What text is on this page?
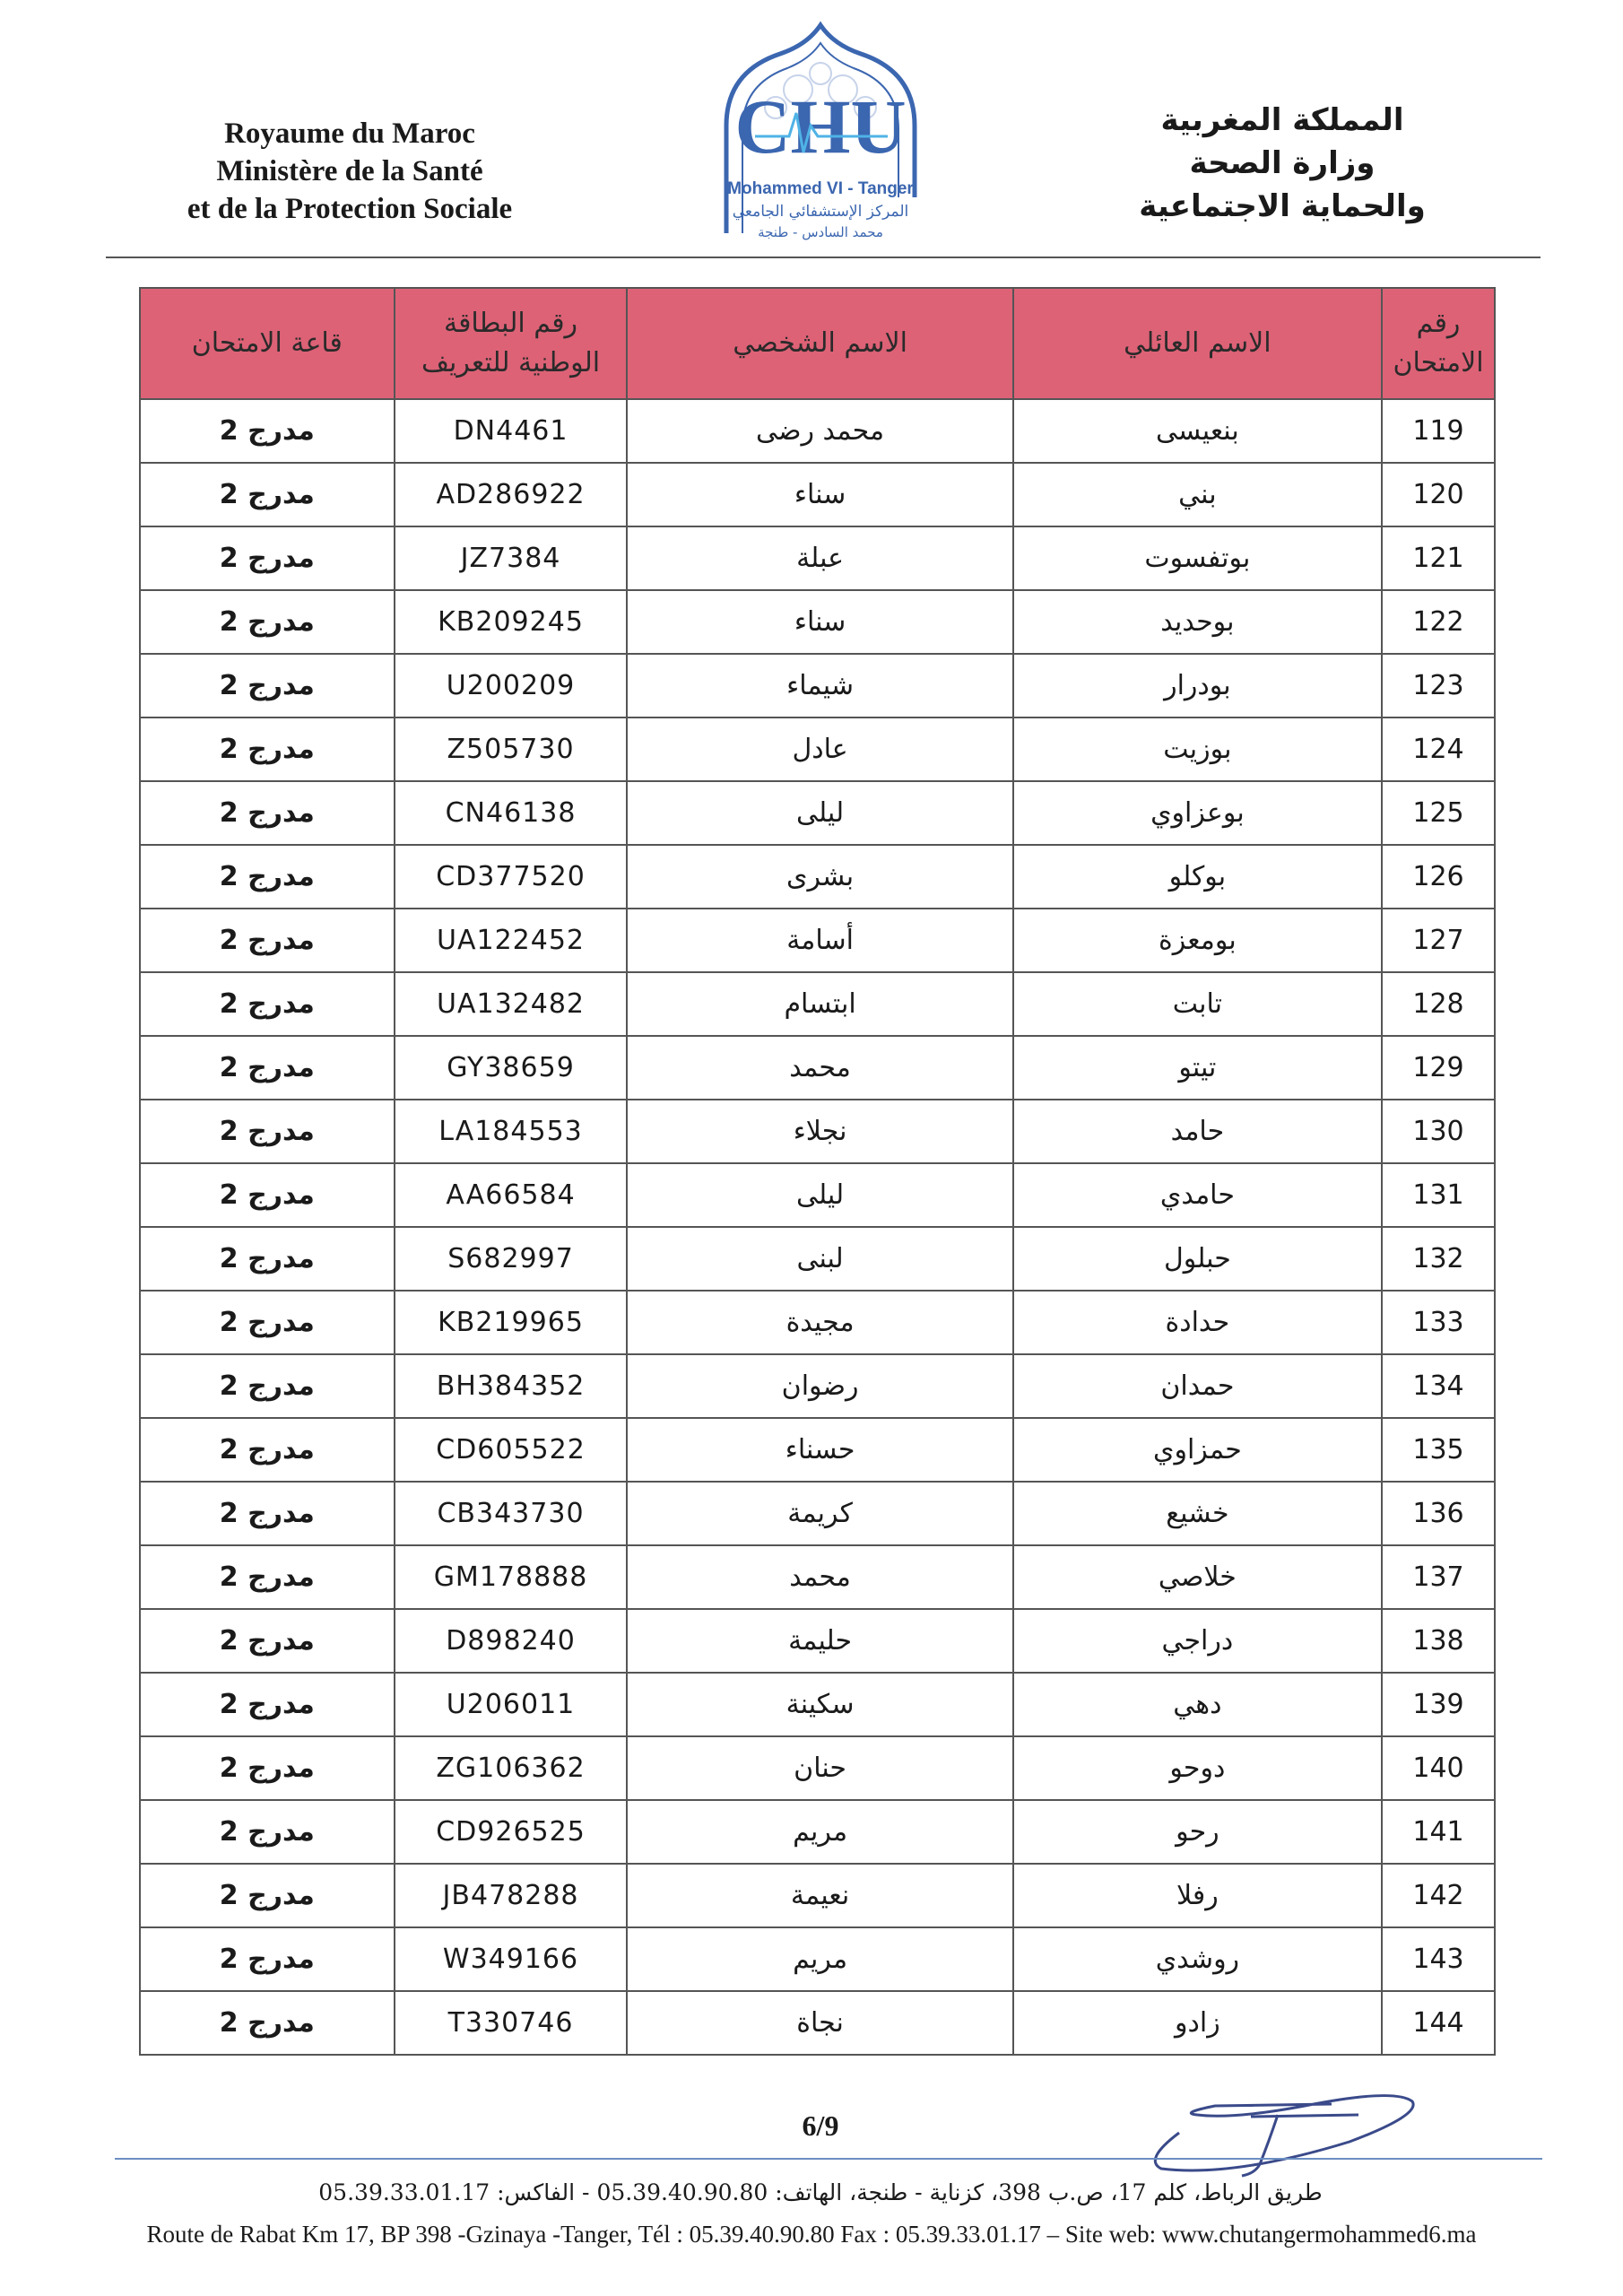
Royaume du Maroc
Ministère de la Santé
et de la Protection Sociale
CHU
Mohammed VI - Tanger
المركز الإستشفائي الجامعي
محمد السادس - طنجة
المملكة المغربية
وزارة الصحة
والحماية الاجتماعية
رقم الامتحان	الاسم العائلي	الاسم الشخصي	رقم البطاقة الوطنية للتعريف	قاعة الامتحان
119	بنعيسى	محمد رضى	DN4461	مدرج 2
120	بني	سناء	AD286922	مدرج 2
121	بوتفسوت	عبلة	JZ7384	مدرج 2
122	بوحديد	سناء	KB209245	مدرج 2
123	بودرار	شيماء	U200209	مدرج 2
124	بوزيت	عادل	Z505730	مدرج 2
125	بوعزاوي	ليلى	CN46138	مدرج 2
126	بوكلو	بشرى	CD377520	مدرج 2
127	بومعزة	أسامة	UA122452	مدرج 2
128	تابت	ابتسام	UA132482	مدرج 2
129	تيتو	محمد	GY38659	مدرج 2
130	حامد	نجلاء	LA184553	مدرج 2
131	حامدي	ليلى	AA66584	مدرج 2
132	حبلول	لبنى	S682997	مدرج 2
133	حدادة	مجيدة	KB219965	مدرج 2
134	حمدان	رضوان	BH384352	مدرج 2
135	حمزاوي	حسناء	CD605522	مدرج 2
136	خشيع	كريمة	CB343730	مدرج 2
137	خلاصي	محمد	GM178888	مدرج 2
138	دراجي	حليمة	D898240	مدرج 2
139	دهي	سكينة	U206011	مدرج 2
140	دوحو	حنان	ZG106362	مدرج 2
141	رحو	مريم	CD926525	مدرج 2
142	رفلا	نعيمة	JB478288	مدرج 2
143	روشدي	مريم	W349166	مدرج 2
144	زادو	نجاة	T330746	مدرج 2
6/9
طريق الرباط، كلم 17، ص.ب 398، كزناية - طنجة، الهاتف: 05.39.40.90.80 - الفاكس: 05.39.33.01.17
Route de Rabat Km 17, BP 398 -Gzinaya -Tanger, Tél : 05.39.40.90.80 Fax : 05.39.33.01.17 – Site web: www.chutangermohammed6.ma
